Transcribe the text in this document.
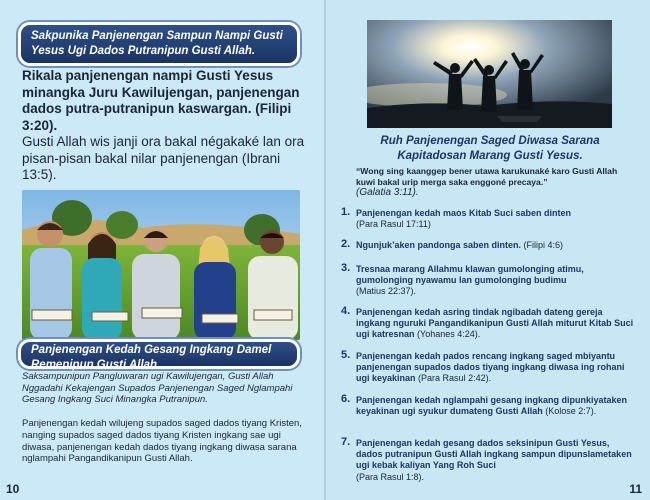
Sakpunika Panjenengan Sampun Nampi Gusti Yesus Ugi Dados Putranipun Gusti Allah.
Rikala panjenengan nampi Gusti Yesus minangka Juru Kawilujengan, panjenengan dados putra-putranipun kaswargan. (Filipi 3:20).
Gusti Allah wis janji ora bakal négakaké lan ora pisan-pisan bakal nilar panjenengan (Ibrani 13:5).
Panjenengan Kedah Gesang Ingkang Damel Remenipun Gusti Allah.
Saksampunipun Pangluwaran ugi Kawilujengan, Gusti Allah Nggadahi Kekajengan Supados Panjenengan Saged Nglampahi Gesang Ingkang Suci Minangka Putranipun.
Panjenengan kedah wilujeng supados saged dados tiyang Kristen, nanging supados saged dados tiyang Kristen ingkang sae ugi diwasa, panjenengan kedah dados tiyang ingkang diwasa sarana nglampahi Pangandikanipun Gusti Allah.
10
Ruh Panjenengan Saged Diwasa Sarana Kapitadosan Marang Gusti Yesus.
“Wong sing kaanggep bener utawa karukunaké karo Gusti Allah kuwi bakal urip merga saka enggoné precaya.”
(Galatia 3:11).
1. Panjenengan kedah maos Kitab Suci saben dinten
(Para Rasul 17:11)
2. Ngunjuk’aken pandonga saben dinten. (Filipi 4:6)
3. Tresnaa marang Allahmu klawan gumolonging atimu, gumolonging nyawamu lan gumolonging budimu
(Matius 22:37).
4. Panjenengan kedah asring tindak ngibadah dateng gereja ingkang nguruki Pangandikanipun Gusti Allah miturut Kitab Suci ugi katresnan (Yohanes 4:24).
5. Panjenengan kedah pados rencang ingkang saged mbiyantu panjenengan supados dados tiyang ingkang diwasa ing rohani ugi keyakinan (Para Rasul 2:42).
6. Panjenengan kedah nglampahi gesang ingkang dipunkiyataken keyakinan ugi syukur dumateng Gusti Allah (Kolose 2:7).
7. Panjenengan kedah gesang dados seksinipun Gusti Yesus, dados putranipun Gusti Allah ingkang sampun dipunslametaken ugi kebak kaliyan Yang Roh Suci
(Para Rasul 1:8).
11
